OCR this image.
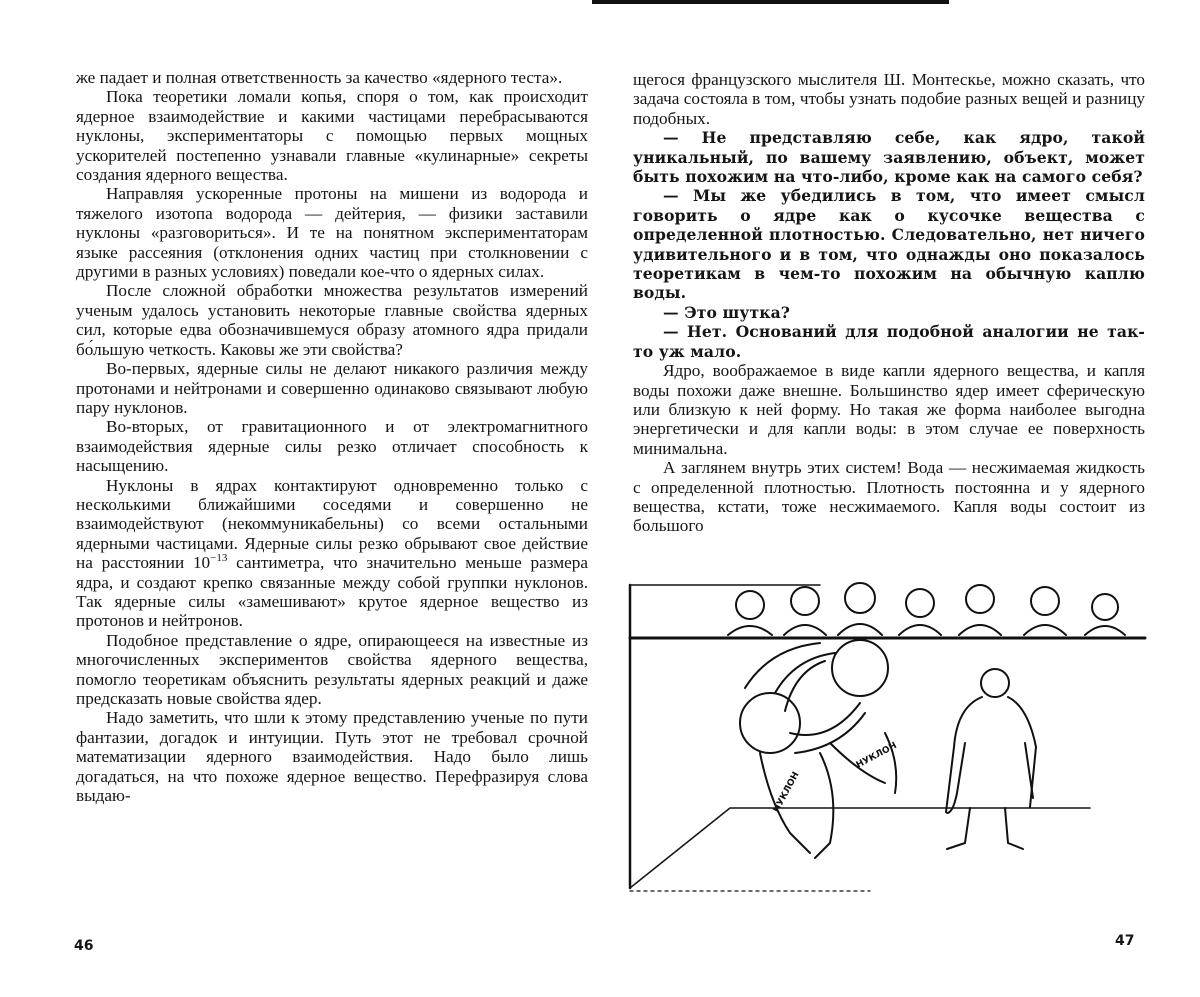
же падает и полная ответственность за качество «ядерного теста».

Пока теоретики ломали копья, споря о том, как происходит ядерное взаимодействие и какими частицами перебрасываются нуклоны, экспериментаторы с помощью первых мощных ускорителей постепенно узнавали главные «кулинарные» секреты создания ядерного вещества.

Направляя ускоренные протоны на мишени из водорода и тяжелого изотопа водорода — дейтерия, — физики заставили нуклоны «разговориться». И те на понятном экспериментаторам языке рассеяния (отклонения одних частиц при столкновении с другими в разных условиях) поведали кое-что о ядерных силах.

После сложной обработки множества результатов измерений ученым удалось установить некоторые главные свойства ядерных сил, которые едва обозначившемуся образу атомного ядра придали бо́льшую четкость. Каковы же эти свойства?

Во-первых, ядерные силы не делают никакого различия между протонами и нейтронами и совершенно одинаково связывают любую пару нуклонов.

Во-вторых, от гравитационного и от электромагнитного взаимодействия ядерные силы резко отличает способность к насыщению.

Нуклоны в ядрах контактируют одновременно только с несколькими ближайшими соседями и совершенно не взаимодействуют (некоммуникабельны) со всеми остальными ядерными частицами. Ядерные силы резко обрывают свое действие на расстоянии $10^{-13}$ сантиметра, что значительно меньше размера ядра, и создают крепко связанные между собой группки нуклонов. Так ядерные силы «замешивают» крутое ядерное вещество из протонов и нейтронов.

Подобное представление о ядре, опирающееся на известные из многочисленных экспериментов свойства ядерного вещества, помогло теоретикам объяснить результаты ядерных реакций и даже предсказать новые свойства ядер.

Надо заметить, что шли к этому представлению ученые по пути фантазии, догадок и интуиции. Путь этот не требовал срочной математизации ядерного взаимодействия. Надо было лишь догадаться, на что похоже ядерное вещество. Перефразируя слова выдаю-

46

щегося французского мыслителя Ш. Монтескье, можно сказать, что задача состояла в том, чтобы узнать подобие разных вещей и разницу подобных.

— Не представляю себе, как ядро, такой уникальный, по вашему заявлению, объект, может быть похожим на что-либо, кроме как на самого себя?

— Мы же убедились в том, что имеет смысл говорить о ядре как о кусочке вещества с определенной плотностью. Следовательно, нет ничего удивительного и в том, что однажды оно показалось теоретикам в чем-то похожим на обычную каплю воды.

— Это шутка?

— Нет. Оснований для подобной аналогии не так-то уж мало.

Ядро, воображаемое в виде капли ядерного вещества, и капля воды похожи даже внешне. Большинство ядер имеет сферическую или близкую к ней форму. Но такая же форма наиболее выгодна энергетически и для капли воды: в этом случае ее поверхность минимальна.

А заглянем внутрь этих систем! Вода — несжимаемая жидкость с определенной плотностью. Плотность постоянна и у ядерного вещества, кстати, тоже несжимаемого. Капля воды состоит из большого

НУКЛОН
НУКЛОН
47
